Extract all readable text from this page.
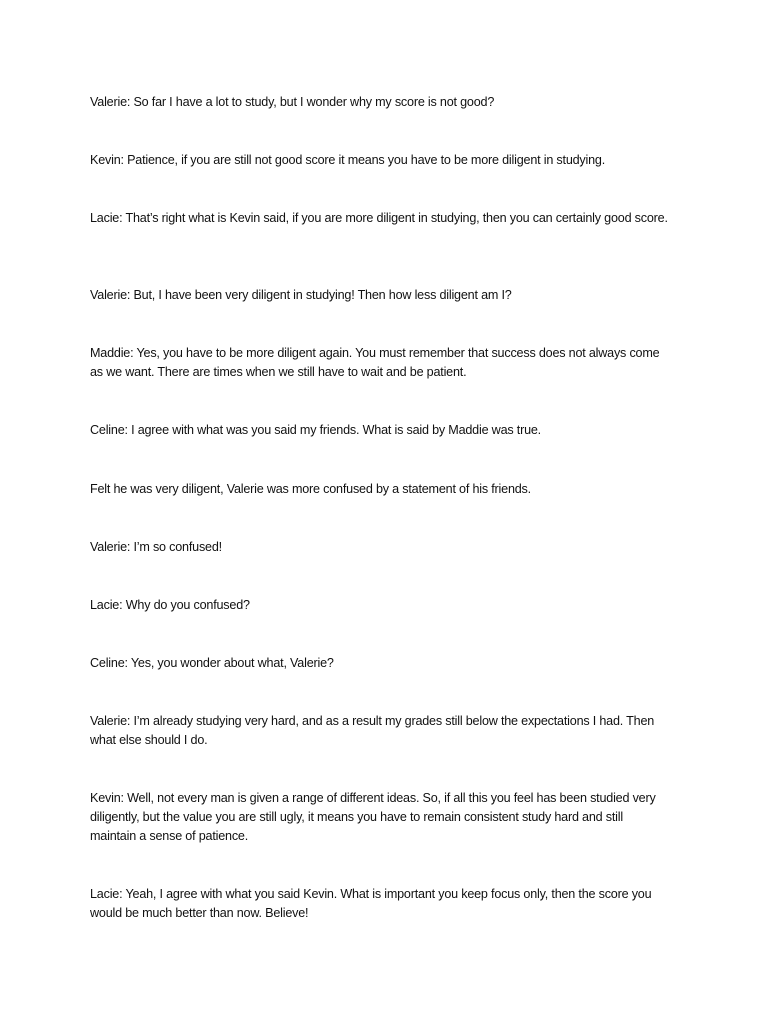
Valerie: So far I have a lot to study, but I wonder why my score is not good?

Kevin: Patience, if you are still not good score it means you have to be more diligent in studying.

Lacie: That’s right what is Kevin said, if you are more diligent in studying, then you can certainly good score.

Valerie: But, I have been very diligent in studying! Then how less diligent am I?

Maddie: Yes, you have to be more diligent again. You must remember that success does not always come as we want. There are times when we still have to wait and be patient.

Celine: I agree with what was you said my friends. What is said by Maddie was true.

Felt he was very diligent, Valerie was more confused by a statement of his friends.

Valerie: I’m so confused!

Lacie: Why do you confused?

Celine: Yes, you wonder about what, Valerie?

Valerie: I’m already studying very hard, and as a result my grades still below the expectations I had. Then what else should I do.

Kevin: Well, not every man is given a range of different ideas. So, if all this you feel has been studied very diligently, but the value you are still ugly, it means you have to remain consistent study hard and still maintain a sense of patience.

Lacie: Yeah, I agree with what you said Kevin. What is important you keep focus only, then the score you would be much better than now. Believe!
